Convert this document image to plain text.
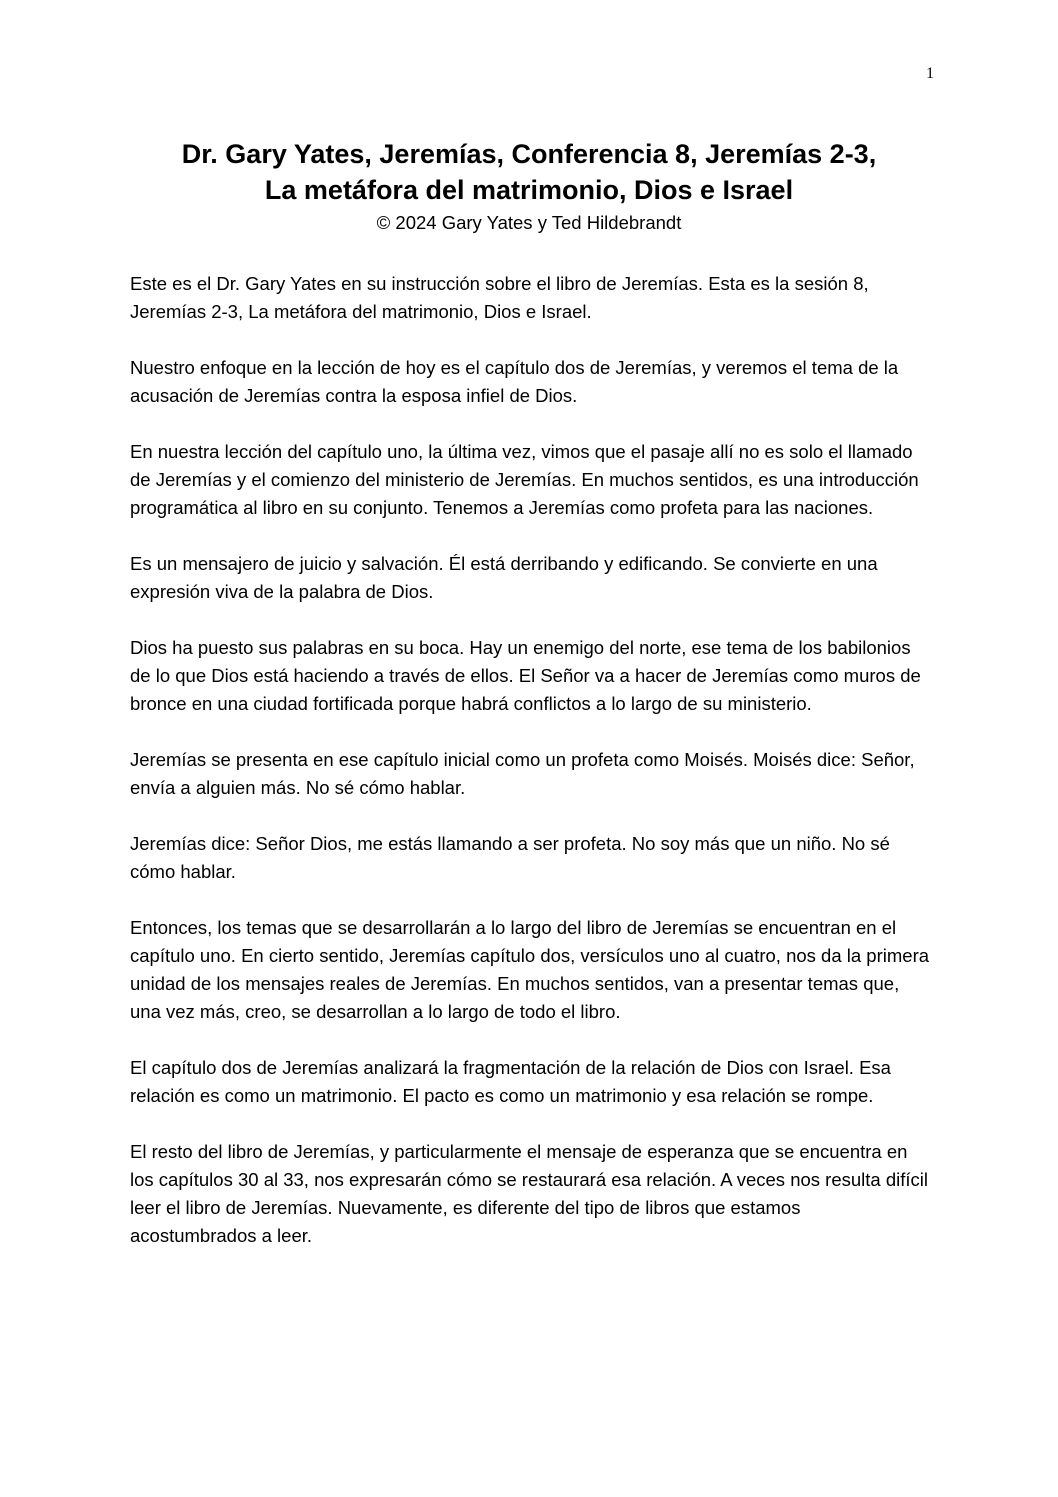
1
Dr. Gary Yates, Jeremías, Conferencia 8, Jeremías 2-3,
La metáfora del matrimonio, Dios e Israel
© 2024 Gary Yates y Ted Hildebrandt

Este es el Dr. Gary Yates en su instrucción sobre el libro de Jeremías. Esta es la sesión 8, Jeremías 2-3, La metáfora del matrimonio, Dios e Israel.

Nuestro enfoque en la lección de hoy es el capítulo dos de Jeremías, y veremos el tema de la acusación de Jeremías contra la esposa infiel de Dios.

En nuestra lección del capítulo uno, la última vez, vimos que el pasaje allí no es solo el llamado de Jeremías y el comienzo del ministerio de Jeremías. En muchos sentidos, es una introducción programática al libro en su conjunto. Tenemos a Jeremías como profeta para las naciones.

Es un mensajero de juicio y salvación. Él está derribando y edificando. Se convierte en una expresión viva de la palabra de Dios.

Dios ha puesto sus palabras en su boca. Hay un enemigo del norte, ese tema de los babilonios de lo que Dios está haciendo a través de ellos. El Señor va a hacer de Jeremías como muros de bronce en una ciudad fortificada porque habrá conflictos a lo largo de su ministerio.

Jeremías se presenta en ese capítulo inicial como un profeta como Moisés. Moisés dice: Señor, envía a alguien más. No sé cómo hablar.

Jeremías dice: Señor Dios, me estás llamando a ser profeta. No soy más que un niño. No sé cómo hablar.

Entonces, los temas que se desarrollarán a lo largo del libro de Jeremías se encuentran en el capítulo uno. En cierto sentido, Jeremías capítulo dos, versículos uno al cuatro, nos da la primera unidad de los mensajes reales de Jeremías. En muchos sentidos, van a presentar temas que, una vez más, creo, se desarrollan a lo largo de todo el libro.

El capítulo dos de Jeremías analizará la fragmentación de la relación de Dios con Israel. Esa relación es como un matrimonio. El pacto es como un matrimonio y esa relación se rompe.

El resto del libro de Jeremías, y particularmente el mensaje de esperanza que se encuentra en los capítulos 30 al 33, nos expresarán cómo se restaurará esa relación. A veces nos resulta difícil leer el libro de Jeremías. Nuevamente, es diferente del tipo de libros que estamos acostumbrados a leer.
